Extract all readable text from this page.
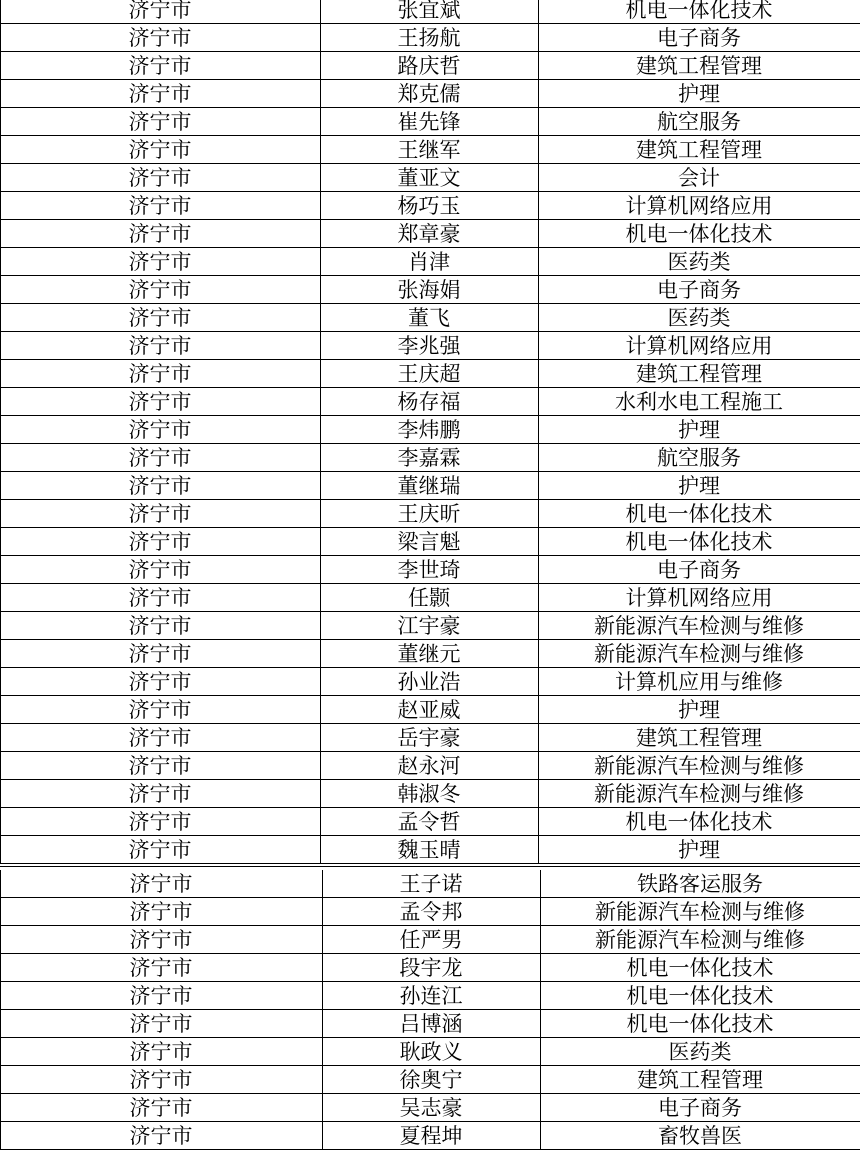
济宁市	张宜斌	机电一体化技术
济宁市	王扬航	电子商务
济宁市	路庆哲	建筑工程管理
济宁市	郑克儒	护理
济宁市	崔先锋	航空服务
济宁市	王继军	建筑工程管理
济宁市	董亚文	会计
济宁市	杨巧玉	计算机网络应用
济宁市	郑章豪	机电一体化技术
济宁市	肖津	医药类
济宁市	张海娟	电子商务
济宁市	董飞	医药类
济宁市	李兆强	计算机网络应用
济宁市	王庆超	建筑工程管理
济宁市	杨存福	水利水电工程施工
济宁市	李炜鹏	护理
济宁市	李嘉霖	航空服务
济宁市	董继瑞	护理
济宁市	王庆昕	机电一体化技术
济宁市	梁言魁	机电一体化技术
济宁市	李世琦	电子商务
济宁市	任颢	计算机网络应用
济宁市	江宇豪	新能源汽车检测与维修
济宁市	董继元	新能源汽车检测与维修
济宁市	孙业浩	计算机应用与维修
济宁市	赵亚威	护理
济宁市	岳宇豪	建筑工程管理
济宁市	赵永河	新能源汽车检测与维修
济宁市	韩淑冬	新能源汽车检测与维修
济宁市	孟令哲	机电一体化技术
济宁市	魏玉晴	护理
济宁市	王子诺	铁路客运服务
济宁市	孟令邦	新能源汽车检测与维修
济宁市	任严男	新能源汽车检测与维修
济宁市	段宇龙	机电一体化技术
济宁市	孙连江	机电一体化技术
济宁市	吕博涵	机电一体化技术
济宁市	耿政义	医药类
济宁市	徐奥宁	建筑工程管理
济宁市	吴志豪	电子商务
济宁市	夏程坤	畜牧兽医
